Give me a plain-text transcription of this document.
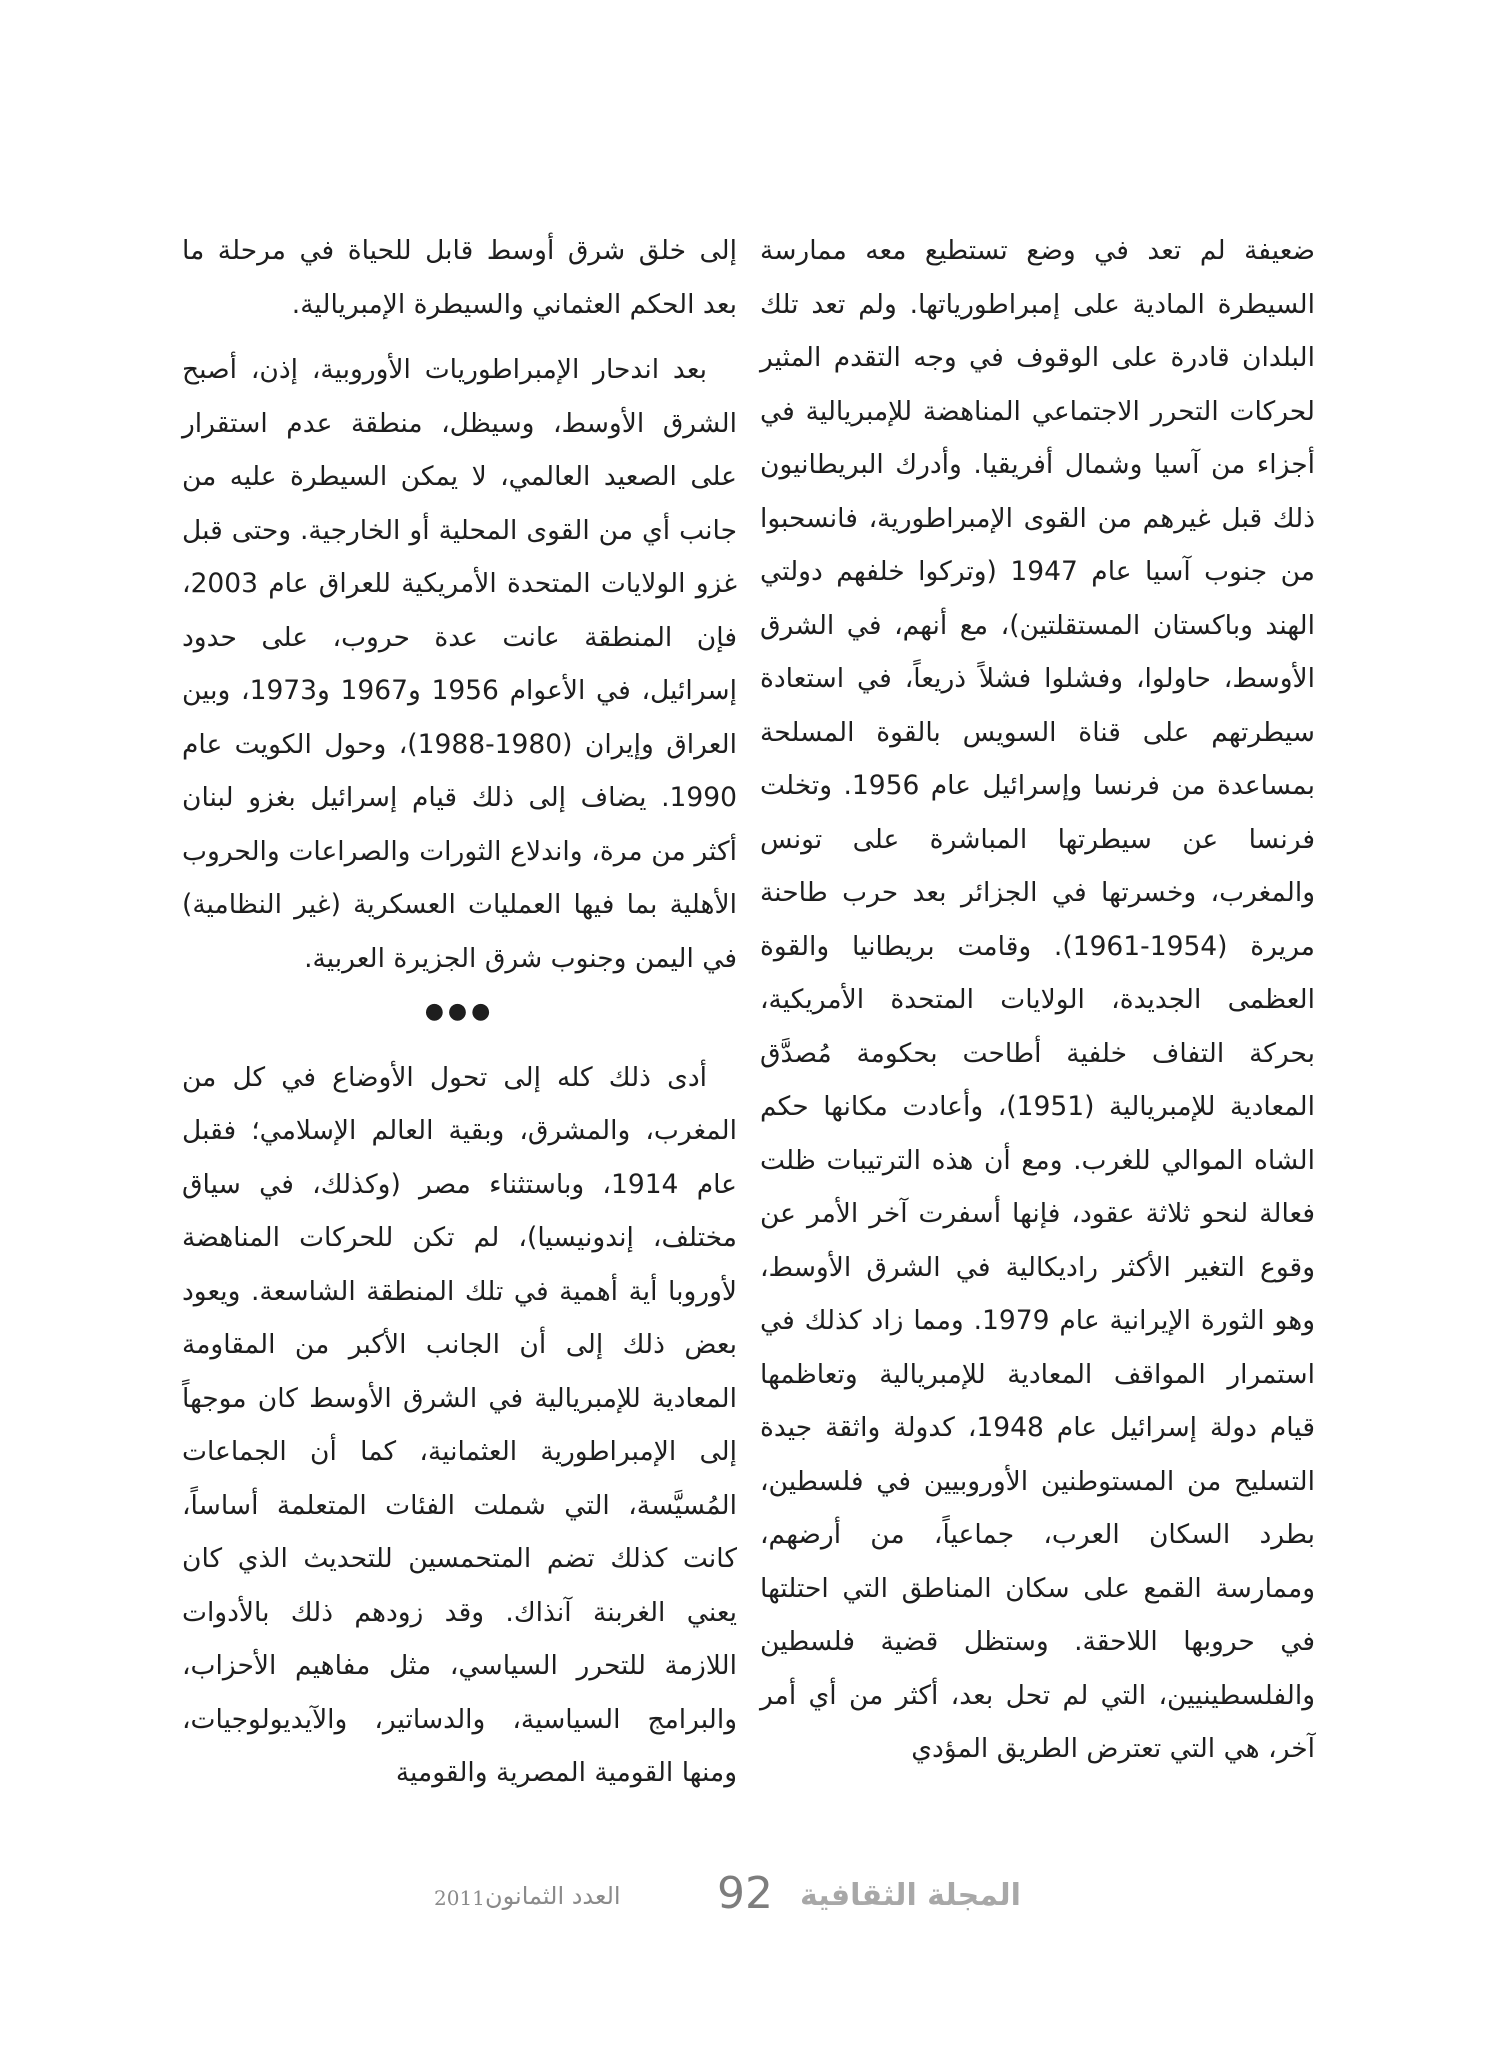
ضعيفة لم تعد في وضع تستطيع معه ممارسة السيطرة المادية على إمبراطورياتها. ولم تعد تلك البلدان قادرة على الوقوف في وجه التقدم المثير لحركات التحرر الاجتماعي المناهضة للإمبريالية في أجزاء من آسيا وشمال أفريقيا. وأدرك البريطانيون ذلك قبل غيرهم من القوى الإمبراطورية، فانسحبوا من جنوب آسيا عام 1947 (وتركوا خلفهم دولتي الهند وباكستان المستقلتين)، مع أنهم، في الشرق الأوسط، حاولوا، وفشلوا فشلاً ذريعاً، في استعادة سيطرتهم على قناة السويس بالقوة المسلحة بمساعدة من فرنسا وإسرائيل عام 1956. وتخلت فرنسا عن سيطرتها المباشرة على تونس والمغرب، وخسرتها في الجزائر بعد حرب طاحنة مريرة (1954-1961). وقامت بريطانيا والقوة العظمى الجديدة، الولايات المتحدة الأمريكية، بحركة التفاف خلفية أطاحت بحكومة مُصدَّق المعادية للإمبريالية (1951)، وأعادت مكانها حكم الشاه الموالي للغرب. ومع أن هذه الترتيبات ظلت فعالة لنحو ثلاثة عقود، فإنها أسفرت آخر الأمر عن وقوع التغير الأكثر راديكالية في الشرق الأوسط، وهو الثورة الإيرانية عام 1979. ومما زاد كذلك في استمرار المواقف المعادية للإمبريالية وتعاظمها قيام دولة إسرائيل عام 1948، كدولة واثقة جيدة التسليح من المستوطنين الأوروبيين في فلسطين، بطرد السكان العرب، جماعياً، من أرضهم، وممارسة القمع على سكان المناطق التي احتلتها في حروبها اللاحقة. وستظل قضية فلسطين والفلسطينيين، التي لم تحل بعد، أكثر من أي أمر آخر، هي التي تعترض الطريق المؤدي

إلى خلق شرق أوسط قابل للحياة في مرحلة ما بعد الحكم العثماني والسيطرة الإمبريالية.

بعد اندحار الإمبراطوريات الأوروبية، إذن، أصبح الشرق الأوسط، وسيظل، منطقة عدم استقرار على الصعيد العالمي، لا يمكن السيطرة عليه من جانب أي من القوى المحلية أو الخارجية. وحتى قبل غزو الولايات المتحدة الأمريكية للعراق عام 2003، فإن المنطقة عانت عدة حروب، على حدود إسرائيل، في الأعوام 1956 و1967 و1973، وبين العراق وإيران (1980-1988)، وحول الكويت عام 1990. يضاف إلى ذلك قيام إسرائيل بغزو لبنان أكثر من مرة، واندلاع الثورات والصراعات والحروب الأهلية بما فيها العمليات العسكرية (غير النظامية) في اليمن وجنوب شرق الجزيرة العربية.

●●●

أدى ذلك كله إلى تحول الأوضاع في كل من المغرب، والمشرق، وبقية العالم الإسلامي؛ فقبل عام 1914، وباستثناء مصر (وكذلك، في سياق مختلف، إندونيسيا)، لم تكن للحركات المناهضة لأوروبا أية أهمية في تلك المنطقة الشاسعة. ويعود بعض ذلك إلى أن الجانب الأكبر من المقاومة المعادية للإمبريالية في الشرق الأوسط كان موجهاً إلى الإمبراطورية العثمانية، كما أن الجماعات المُسيَّسة، التي شملت الفئات المتعلمة أساساً، كانت كذلك تضم المتحمسين للتحديث الذي كان يعني الغربنة آنذاك. وقد زودهم ذلك بالأدوات اللازمة للتحرر السياسي، مثل مفاهيم الأحزاب، والبرامج السياسية، والدساتير، والآيديولوجيات، ومنها القومية المصرية والقومية

2011 العدد الثمانون 92 المجلة الثقافية
